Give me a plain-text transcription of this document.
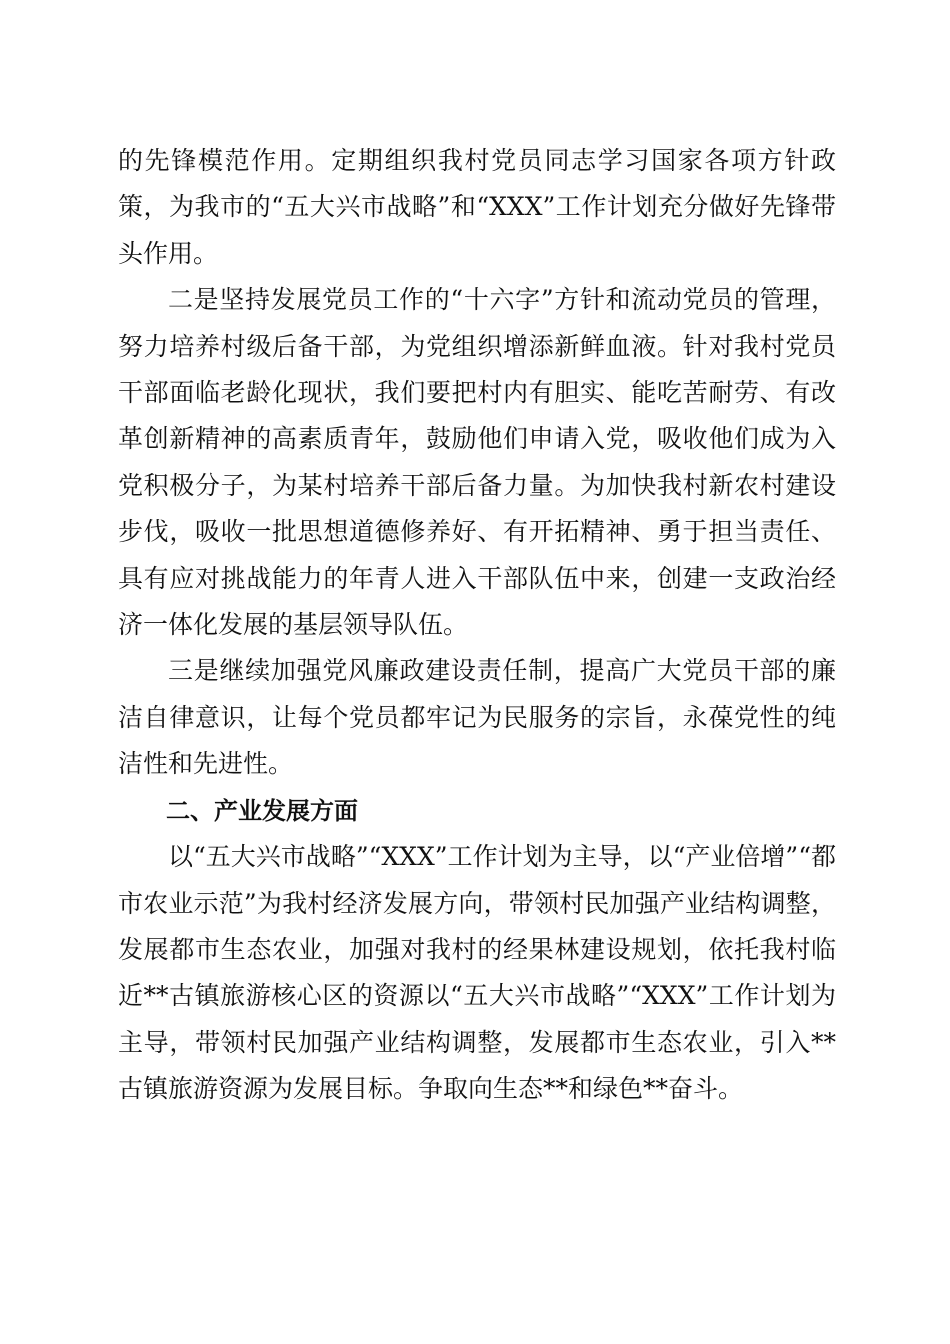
的先锋模范作用。定期组织我村党员同志学习国家各项方针政策，为我市的“五大兴市战略”和“XXX”工作计划充分做好先锋带头作用。

二是坚持发展党员工作的“十六字”方针和流动党员的管理，努力培养村级后备干部，为党组织增添新鲜血液。针对我村党员干部面临老龄化现状，我们要把村内有胆实、能吃苦耐劳、有改革创新精神的高素质青年，鼓励他们申请入党，吸收他们成为入党积极分子，为某村培养干部后备力量。为加快我村新农村建设步伐，吸收一批思想道德修养好、有开拓精神、勇于担当责任、具有应对挑战能力的年青人进入干部队伍中来，创建一支政治经济一体化发展的基层领导队伍。

三是继续加强党风廉政建设责任制，提高广大党员干部的廉洁自律意识，让每个党员都牢记为民服务的宗旨，永葆党性的纯洁性和先进性。

二、产业发展方面

以“五大兴市战略”“XXX”工作计划为主导，以“产业倍增”“都市农业示范”为我村经济发展方向，带领村民加强产业结构调整，发展都市生态农业，加强对我村的经果林建设规划，依托我村临近**古镇旅游核心区的资源以“五大兴市战略”“XXX”工作计划为主导，带领村民加强产业结构调整，发展都市生态农业，引入**古镇旅游资源为发展目标。争取向生态**和绿色**奋斗。
